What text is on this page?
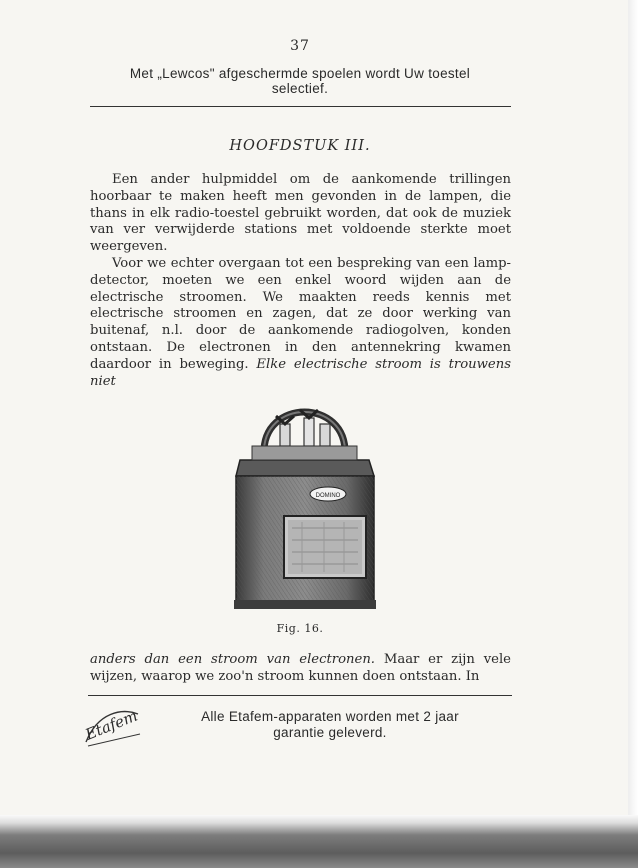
37
Met „Lewcos" afgeschermde spoelen wordt Uw toestel
selectief.
HOOFDSTUK III.

Een ander hulpmiddel om de aankomende trillingen hoorbaar te maken heeft men gevonden in de lampen, die thans in elk radio-toestel gebruikt worden, dat ook de muziek van ver verwijderde stations met voldoende sterkte moet weergeven.

Voor we echter overgaan tot een bespreking van een lamp-detector, moeten we een enkel woord wijden aan de electrische stroomen. We maakten reeds kennis met electrische stroomen en zagen, dat ze door werking van buitenaf, n.l. door de aankomende radiogolven, konden ontstaan. De electronen in den antennekring kwamen daardoor in beweging. Elke electrische stroom is trouwens niet

DOMINO
Fig. 16.

anders dan een stroom van electronen. Maar er zijn vele wijzen, waarop we zoo'n stroom kunnen doen ontstaan. In

Etafem	Alle Etafem-apparaten worden met 2 jaar
garantie geleverd.
